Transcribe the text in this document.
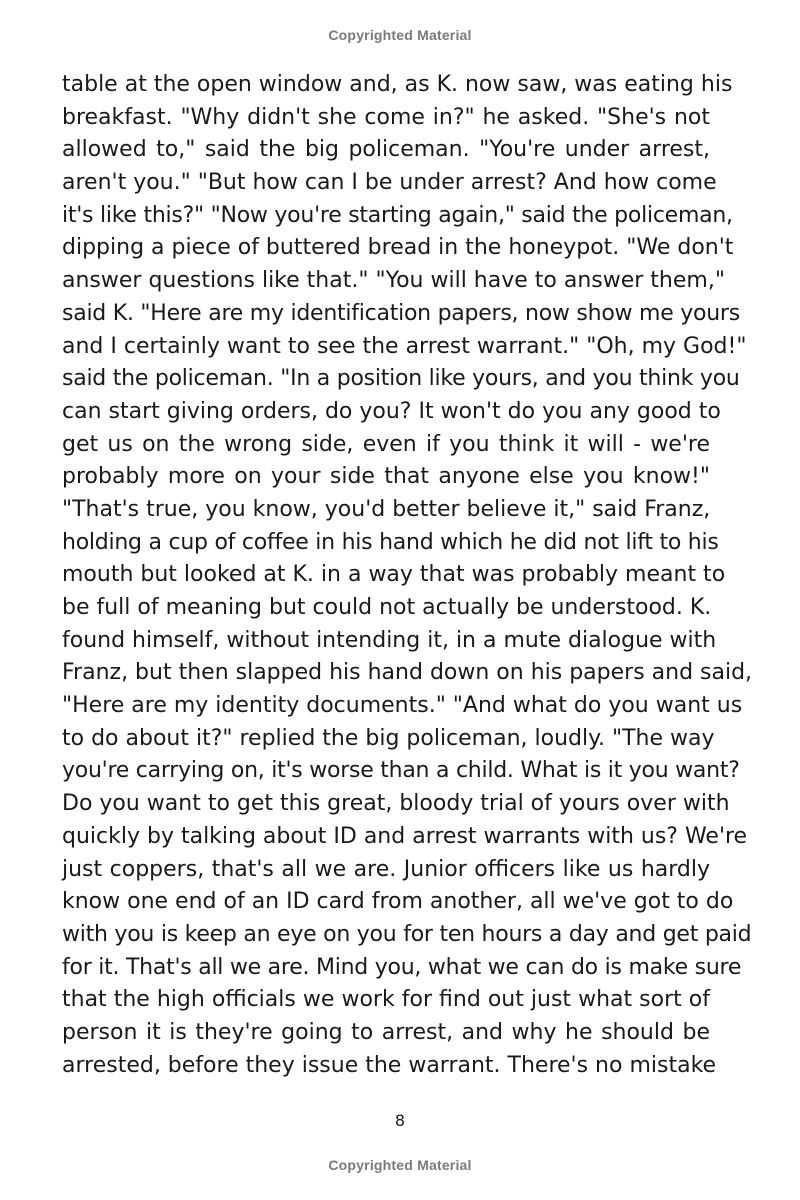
Copyrighted Material
table at the open window and, as K. now saw, was eating his
breakfast. "Why didn't she come in?" he asked. "She's not
allowed to," said the big policeman. "You're under arrest,
aren't you." "But how can I be under arrest? And how come
it's like this?" "Now you're starting again," said the policeman,
dipping a piece of buttered bread in the honeypot. "We don't
answer questions like that." "You will have to answer them,"
said K. "Here are my identification papers, now show me yours
and I certainly want to see the arrest warrant." "Oh, my God!"
said the policeman. "In a position like yours, and you think you
can start giving orders, do you? It won't do you any good to
get us on the wrong side, even if you think it will - we're
probably more on your side that anyone else you know!"
"That's true, you know, you'd better believe it," said Franz,
holding a cup of coffee in his hand which he did not lift to his
mouth but looked at K. in a way that was probably meant to
be full of meaning but could not actually be understood. K.
found himself, without intending it, in a mute dialogue with
Franz, but then slapped his hand down on his papers and said,
"Here are my identity documents." "And what do you want us
to do about it?" replied the big policeman, loudly. "The way
you're carrying on, it's worse than a child. What is it you want?
Do you want to get this great, bloody trial of yours over with
quickly by talking about ID and arrest warrants with us? We're
just coppers, that's all we are. Junior officers like us hardly
know one end of an ID card from another, all we've got to do
with you is keep an eye on you for ten hours a day and get paid
for it. That's all we are. Mind you, what we can do is make sure
that the high officials we work for find out just what sort of
person it is they're going to arrest, and why he should be
arrested, before they issue the warrant. There's no mistake
8
Copyrighted Material
